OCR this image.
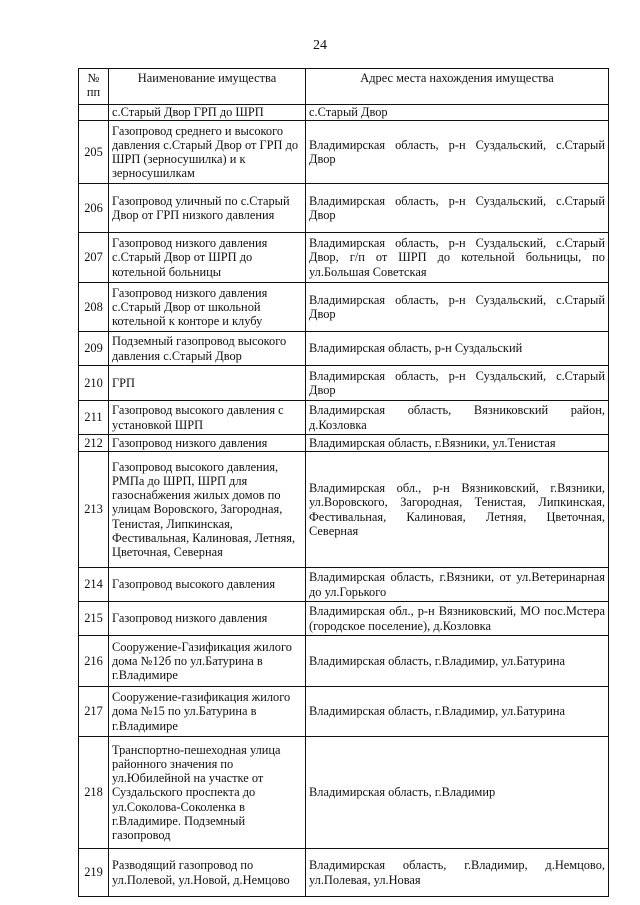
24
№ пп	Наименование имущества	Адрес места нахождения имущества
	с.Старый Двор ГРП до ШРП	с.Старый Двор
205	Газопровод среднего и высокого давления с.Старый Двор от ГРП до ШРП (зерносушилка) и к зерносушилкам	Владимирская область, р-н Суздальский, с.Старый Двор
206	Газопровод уличный по с.Старый Двор от ГРП низкого давления	Владимирская область, р-н Суздальский, с.Старый Двор
207	Газопровод низкого давления с.Старый Двор от ШРП до котельной больницы	Владимирская область, р-н Суздальский, с.Старый Двор, г/п от ШРП до котельной больницы, по ул.Большая Советская
208	Газопровод низкого давления с.Старый Двор от школьной котельной к конторе и клубу	Владимирская область, р-н Суздальский, с.Старый Двор
209	Подземный газопровод высокого давления с.Старый Двор	Владимирская область, р-н Суздальский
210	ГРП	Владимирская область, р-н Суздальский, с.Старый Двор
211	Газопровод высокого давления с установкой ШРП	Владимирская область, Вязниковский район, д.Козловка
212	Газопровод низкого давления	Владимирская область, г.Вязники, ул.Тенистая
213	Газопровод высокого давления, РМПа до ШРП, ШРП для газоснабжения жилых домов по улицам Воровского, Загородная, Тенистая, Липкинская, Фестивальная, Калиновая, Летняя, Цветочная, Северная	Владимирская обл., р-н Вязниковский, г.Вязники, ул.Воровского, Загородная, Тенистая, Липкинская, Фестивальная, Калиновая, Летняя, Цветочная, Северная
214	Газопровод высокого давления	Владимирская область, г.Вязники, от ул.Ветеринарная до ул.Горького
215	Газопровод низкого давления	Владимирская обл., р-н Вязниковский, МО пос.Мстера (городское поселение), д.Козловка
216	Сооружение-Газификация жилого дома №12б по ул.Батурина в г.Владимире	Владимирская область, г.Владимир, ул.Батурина
217	Сооружение-газификация жилого дома №15 по ул.Батурина в г.Владимире	Владимирская область, г.Владимир, ул.Батурина
218	Транспортно-пешеходная улица районного значения по ул.Юбилейной на участке от Суздальского проспекта до ул.Соколова-Соколенка в г.Владимире. Подземный газопровод	Владимирская область, г.Владимир
219	Разводящий газопровод по ул.Полевой, ул.Новой, д.Немцово	Владимирская область, г.Владимир, д.Немцово, ул.Полевая, ул.Новая
